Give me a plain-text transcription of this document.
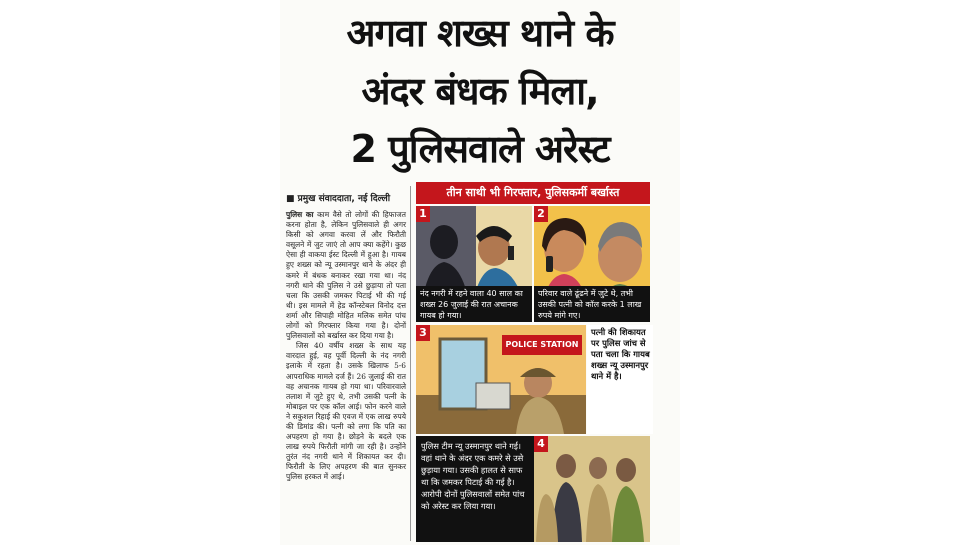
अगवा शख्स थाने के
अंदर बंधक मिला,
2 पुलिसवाले अरेस्ट
■ प्रमुख संवाददाता, नई दिल्ली

पुलिस का काम वैसे तो लोगों की हिफाजत करना होता है, लेकिन पुलिसवाले ही अगर किसी को अगवा करवा लें और फिरौती वसूलने में जुट जाएं तो आप क्या कहेंगे। कुछ ऐसा ही वाकया ईस्ट दिल्ली में हुआ है। गायब हुए शख्स को न्यू उस्मानपुर थाने के अंदर ही कमरे में बंधक बनाकर रखा गया था। नंद नगरी थाने की पुलिस ने उसे छुड़ाया तो पता चला कि उसकी जमकर पिटाई भी की गई थी। इस मामले में हेड कॉन्स्टेबल विनोद दत्त शर्मा और सिपाही मोहित मलिक समेत पांच लोगों को गिरफ्तार किया गया है। दोनों पुलिसवालों को बर्खास्त कर दिया गया है।

जिस 40 वर्षीय शख्स के साथ यह वारदात हुई, वह पूर्वी दिल्ली के नंद नगरी इलाके में रहता है। उसके खिलाफ 5-6 आपराधिक मामले दर्ज हैं। 26 जुलाई की रात वह अचानक गायब हो गया था। परिवारवाले तलाश में जुटे हुए थे, तभी उसकी पत्नी के मोबाइल पर एक कॉल आई। फोन करने वाले ने सकुशल रिहाई की एवज में एक लाख रुपये की डिमांड की। पत्नी को लगा कि पति का अपहरण हो गया है। छोड़ने के बदले एक लाख रुपये फिरौती मांगी जा रही है। उन्होंने तुरंत नंद नगरी थाने में शिकायत कर दी। फिरौती के लिए अपहरण की बात सुनकर पुलिस हरकत में आई।

तीन साथी भी गिरफ्तार, पुलिसकर्मी बर्खास्त
1
नंद नगरी में रहने वाला 40 साल का शख्स 26 जुलाई की रात अचानक गायब हो गया।
2
परिवार वाले ढूंढने में जुटे थे, तभी उसकी पत्नी को कॉल करके 1 लाख रुपये मांगे गए।
POLICE STATION
3	पत्नी की शिकायत पर पुलिस जांच से पता चला कि गायब शख्स न्यू उस्मानपुर थाने में है।
4
पुलिस टीम न्यू उस्मानपुर थाने गई। वहां थाने के अंदर एक कमरे से उसे छुड़ाया गया। उसकी हालत से साफ था कि जमकर पिटाई की गई है। आरोपी दोनों पुलिसवालों समेत पांच को अरेस्ट कर लिया गया।
